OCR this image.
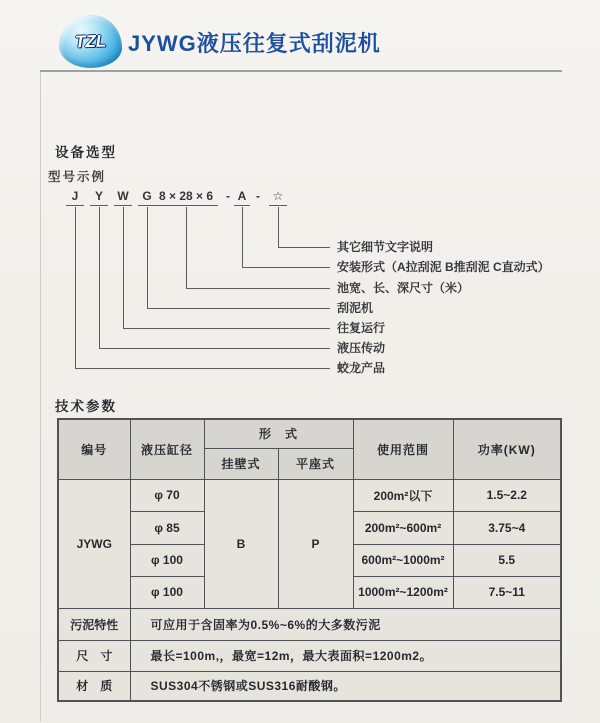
TZL JYWG液压往复式刮泥机
设备选型
型号示例
J	Y	W	G 8 × 28 × 6	- A -	☆
其它细节文字说明
安装形式（A拉刮泥 B推刮泥 C直动式）
池宽、长、深尺寸（米）
刮泥机
往复运行
液压传动
蛟龙产品
技术参数
编号	液压缸径	形　式		使用范围	功率(KW)
		挂壁式	平座式		
JYWG	φ 70	B	P	200m²以下	1.5~2.2
	φ 85			200m²~600m²	3.75~4
	φ 100			600m²~1000m²	5.5
	φ 100			1000m²~1200m²	7.5~11
污泥特性	可应用于含固率为0.5%~6%的大多数污泥				
尺　寸	最长=100m,，最宽=12m，最大表面积=1200m2。				
材　质	SUS304不锈钢或SUS316耐酸钢。				
